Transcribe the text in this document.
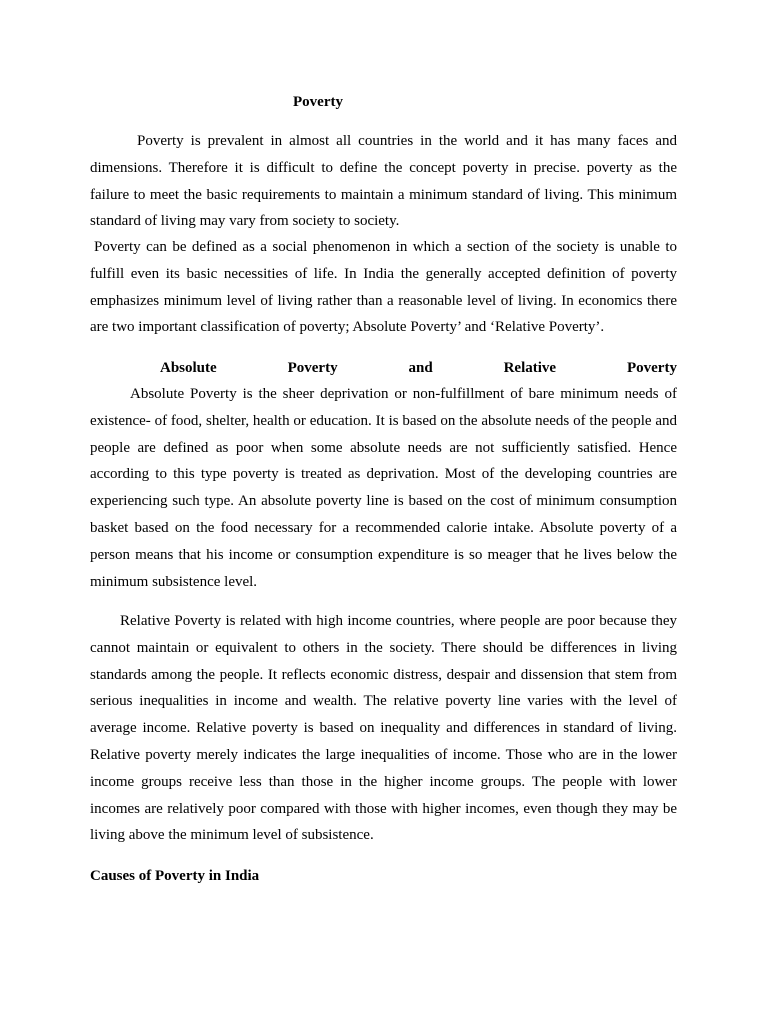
Poverty

Poverty is prevalent in almost all countries in the world and it has many faces and dimensions. Therefore it is difficult to define the concept poverty in precise. poverty as the failure to meet the basic requirements to maintain a minimum standard of living. This minimum standard of living may vary from society to society.

Poverty can be defined as a social phenomenon in which a section of the society is unable to fulfill even its basic necessities of life. In India the generally accepted definition of poverty emphasizes minimum level of living rather than a reasonable level of living. In economics there are two important classification of poverty; Absolute Poverty’ and ‘Relative Poverty’.

Absolute	Poverty	and	Relative	Poverty

Absolute Poverty is the sheer deprivation or non-fulfillment of bare minimum needs of existence- of food, shelter, health or education. It is based on the absolute needs of the people and people are defined as poor when some absolute needs are not sufficiently satisfied. Hence according to this type poverty is treated as deprivation. Most of the developing countries are experiencing such type. An absolute poverty line is based on the cost of minimum consumption basket based on the food necessary for a recommended calorie intake. Absolute poverty of a person means that his income or consumption expenditure is so meager that he lives below the minimum subsistence level.

Relative Poverty is related with high income countries, where people are poor because they cannot maintain or equivalent to others in the society. There should be differences in living standards among the people. It reflects economic distress, despair and dissension that stem from serious inequalities in income and wealth. The relative poverty line varies with the level of average income. Relative poverty is based on inequality and differences in standard of living. Relative poverty merely indicates the large inequalities of income. Those who are in the lower income groups receive less than those in the higher income groups. The people with lower incomes are relatively poor compared with those with higher incomes, even though they may be living above the minimum level of subsistence.

Causes of Poverty in India
